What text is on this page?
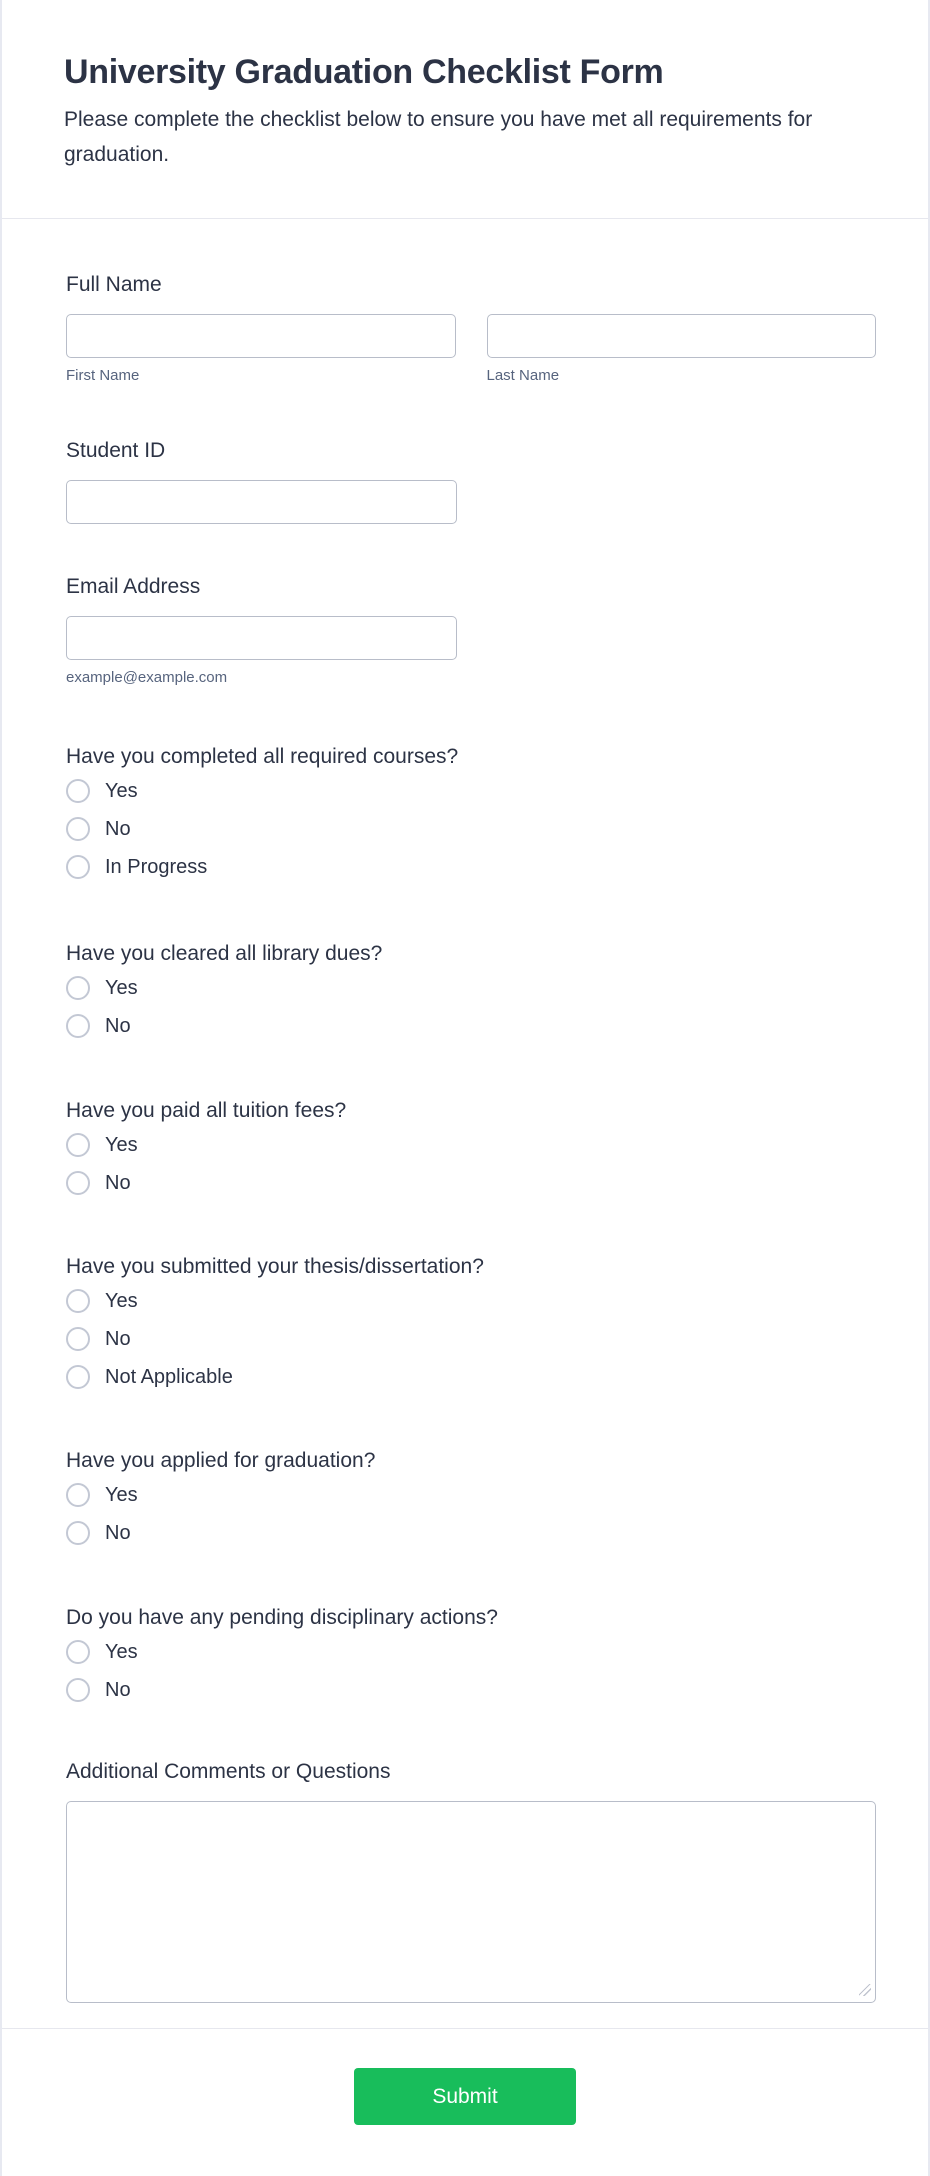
University Graduation Checklist Form

Please complete the checklist below to ensure you have met all requirements for graduation.

Full Name
First Name	Last Name
Student ID
Email Address
example@example.com
Have you completed all required courses?
Yes
No
In Progress
Have you cleared all library dues?
Yes
No
Have you paid all tuition fees?
Yes
No
Have you submitted your thesis/dissertation?
Yes
No
Not Applicable
Have you applied for graduation?
Yes
No
Do you have any pending disciplinary actions?
Yes
No
Additional Comments or Questions
Submit
